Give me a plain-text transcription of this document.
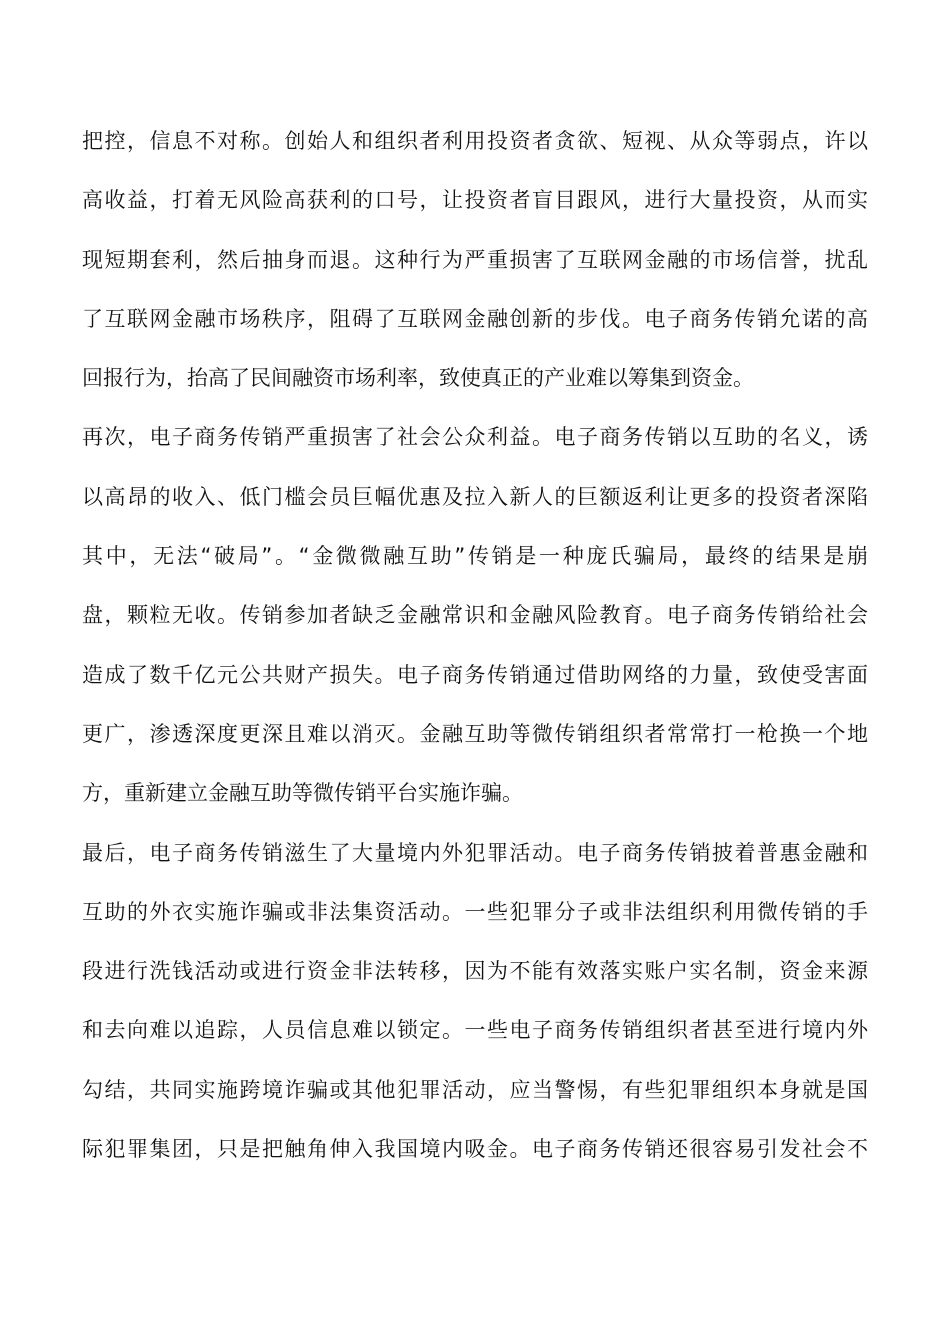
把控，信息不对称。创始人和组织者利用投资者贪欲、短视、从众等弱点，许以
高收益，打着无风险高获利的口号，让投资者盲目跟风，进行大量投资，从而实
现短期套利，然后抽身而退。这种行为严重损害了互联网金融的市场信誉，扰乱
了互联网金融市场秩序，阻碍了互联网金融创新的步伐。电子商务传销允诺的高
回报行为，抬高了民间融资市场利率，致使真正的产业难以筹集到资金。
再次，电子商务传销严重损害了社会公众利益。电子商务传销以互助的名义，诱
以高昂的收入、低门槛会员巨幅优惠及拉入新人的巨额返利让更多的投资者深陷
其中，无法“破局”。“金微微融互助”传销是一种庞氏骗局，最终的结果是崩
盘，颗粒无收。传销参加者缺乏金融常识和金融风险教育。电子商务传销给社会
造成了数千亿元公共财产损失。电子商务传销通过借助网络的力量，致使受害面
更广，渗透深度更深且难以消灭。金融互助等微传销组织者常常打一枪换一个地
方，重新建立金融互助等微传销平台实施诈骗。
最后，电子商务传销滋生了大量境内外犯罪活动。电子商务传销披着普惠金融和
互助的外衣实施诈骗或非法集资活动。一些犯罪分子或非法组织利用微传销的手
段进行洗钱活动或进行资金非法转移，因为不能有效落实账户实名制，资金来源
和去向难以追踪，人员信息难以锁定。一些电子商务传销组织者甚至进行境内外
勾结，共同实施跨境诈骗或其他犯罪活动，应当警惕，有些犯罪组织本身就是国
际犯罪集团，只是把触角伸入我国境内吸金。电子商务传销还很容易引发社会不
